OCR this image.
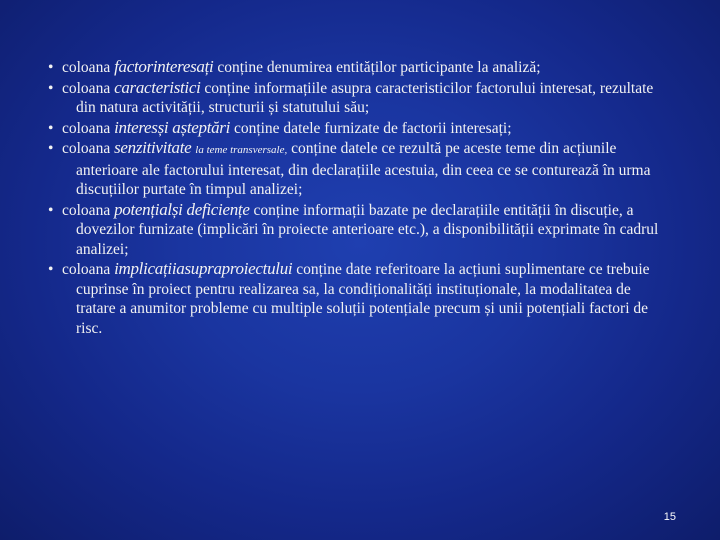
• coloana factorinteresați conține denumirea entităților participante la analiză;

• coloana caracteristici conține informațiile asupra caracteristicilor factorului interesat, rezultate din natura activității, structurii și statutului său;

• coloana interesși așteptări conține datele furnizate de factorii interesați;

• coloana senzitivitate la teme transversale, conține datele ce rezultă pe aceste teme din acțiunile anterioare ale factorului interesat, din declarațiile acestuia, din ceea ce se conturează în urma discuțiilor purtate în timpul analizei;

• coloana potențialși deficiențe conține informații bazate pe declarațiile entității în discuție, a dovezilor furnizate (implicări în proiecte anterioare etc.), a disponibilității exprimate în cadrul analizei;

• coloana implicațiiasupraproiectului conține date referitoare la acțiuni suplimentare ce trebuie cuprinse în proiect pentru realizarea sa, la condiționalități instituționale, la modalitatea de tratare a anumitor probleme cu multiple soluții potențiale precum și unii potențiali factori de risc.

15
